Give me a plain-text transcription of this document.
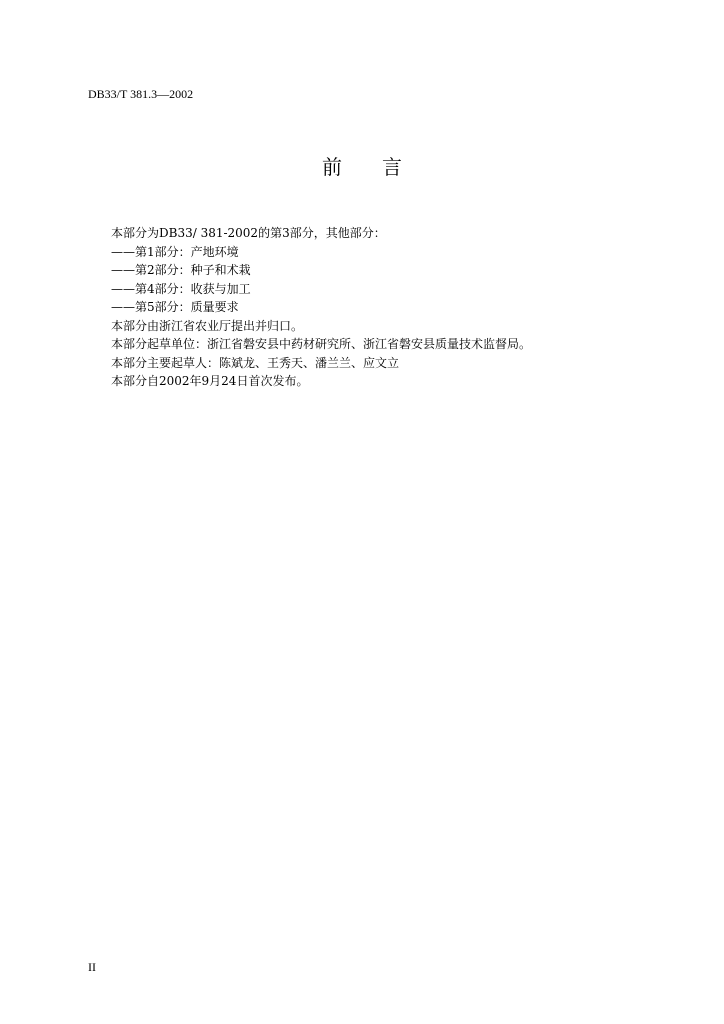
DB33/T 381.3—2002
前 言
本部分为DB33/ 381-2002的第3部分，其他部分：
——第1部分：产地环境
——第2部分：种子和术栽
——第4部分：收获与加工
——第5部分：质量要求
本部分由浙江省农业厅提出并归口。
本部分起草单位：浙江省磐安县中药材研究所、浙江省磐安县质量技术监督局。
本部分主要起草人：陈斌龙、王秀天、潘兰兰、应文立
本部分自2002年9月24日首次发布。
II
